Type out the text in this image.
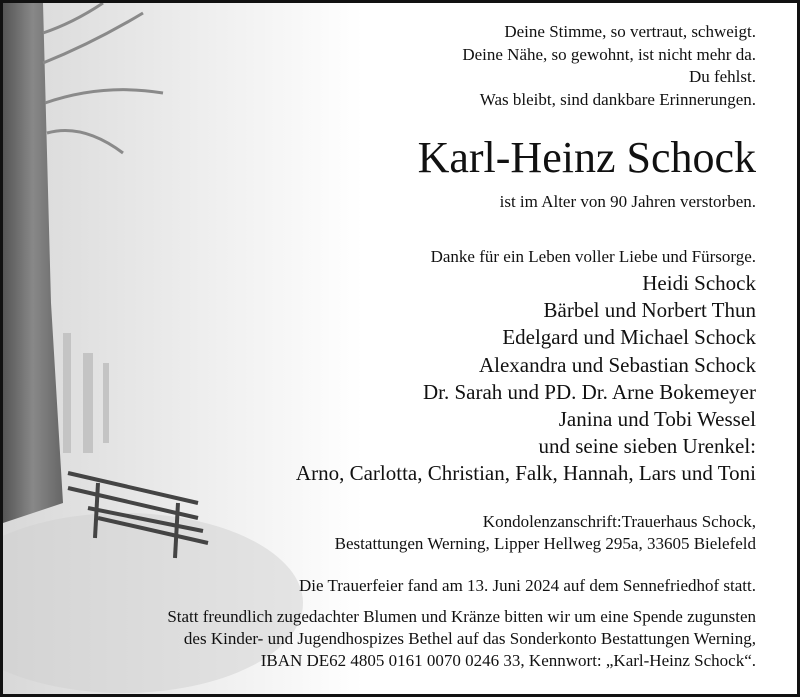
Deine Stimme, so vertraut, schweigt.
Deine Nähe, so gewohnt, ist nicht mehr da.
Du fehlst.
Was bleibt, sind dankbare Erinnerungen.
Karl-Heinz Schock
ist im Alter von 90 Jahren verstorben.
Danke für ein Leben voller Liebe und Fürsorge.
Heidi Schock
Bärbel und Norbert Thun
Edelgard und Michael Schock
Alexandra und Sebastian Schock
Dr. Sarah und PD. Dr. Arne Bokemeyer
Janina und Tobi Wessel
und seine sieben Urenkel:
Arno, Carlotta, Christian, Falk, Hannah, Lars und Toni
Kondolenzanschrift:Trauerhaus Schock,
Bestattungen Werning, Lipper Hellweg 295a, 33605 Bielefeld
Die Trauerfeier fand am 13. Juni 2024 auf dem Sennefriedhof statt.
Statt freundlich zugedachter Blumen und Kränze bitten wir um eine Spende zugunsten
des Kinder- und Jugendhospizes Bethel auf das Sonderkonto Bestattungen Werning,
IBAN DE62 4805 0161 0070 0246 33, Kennwort: „Karl-Heinz Schock“.
